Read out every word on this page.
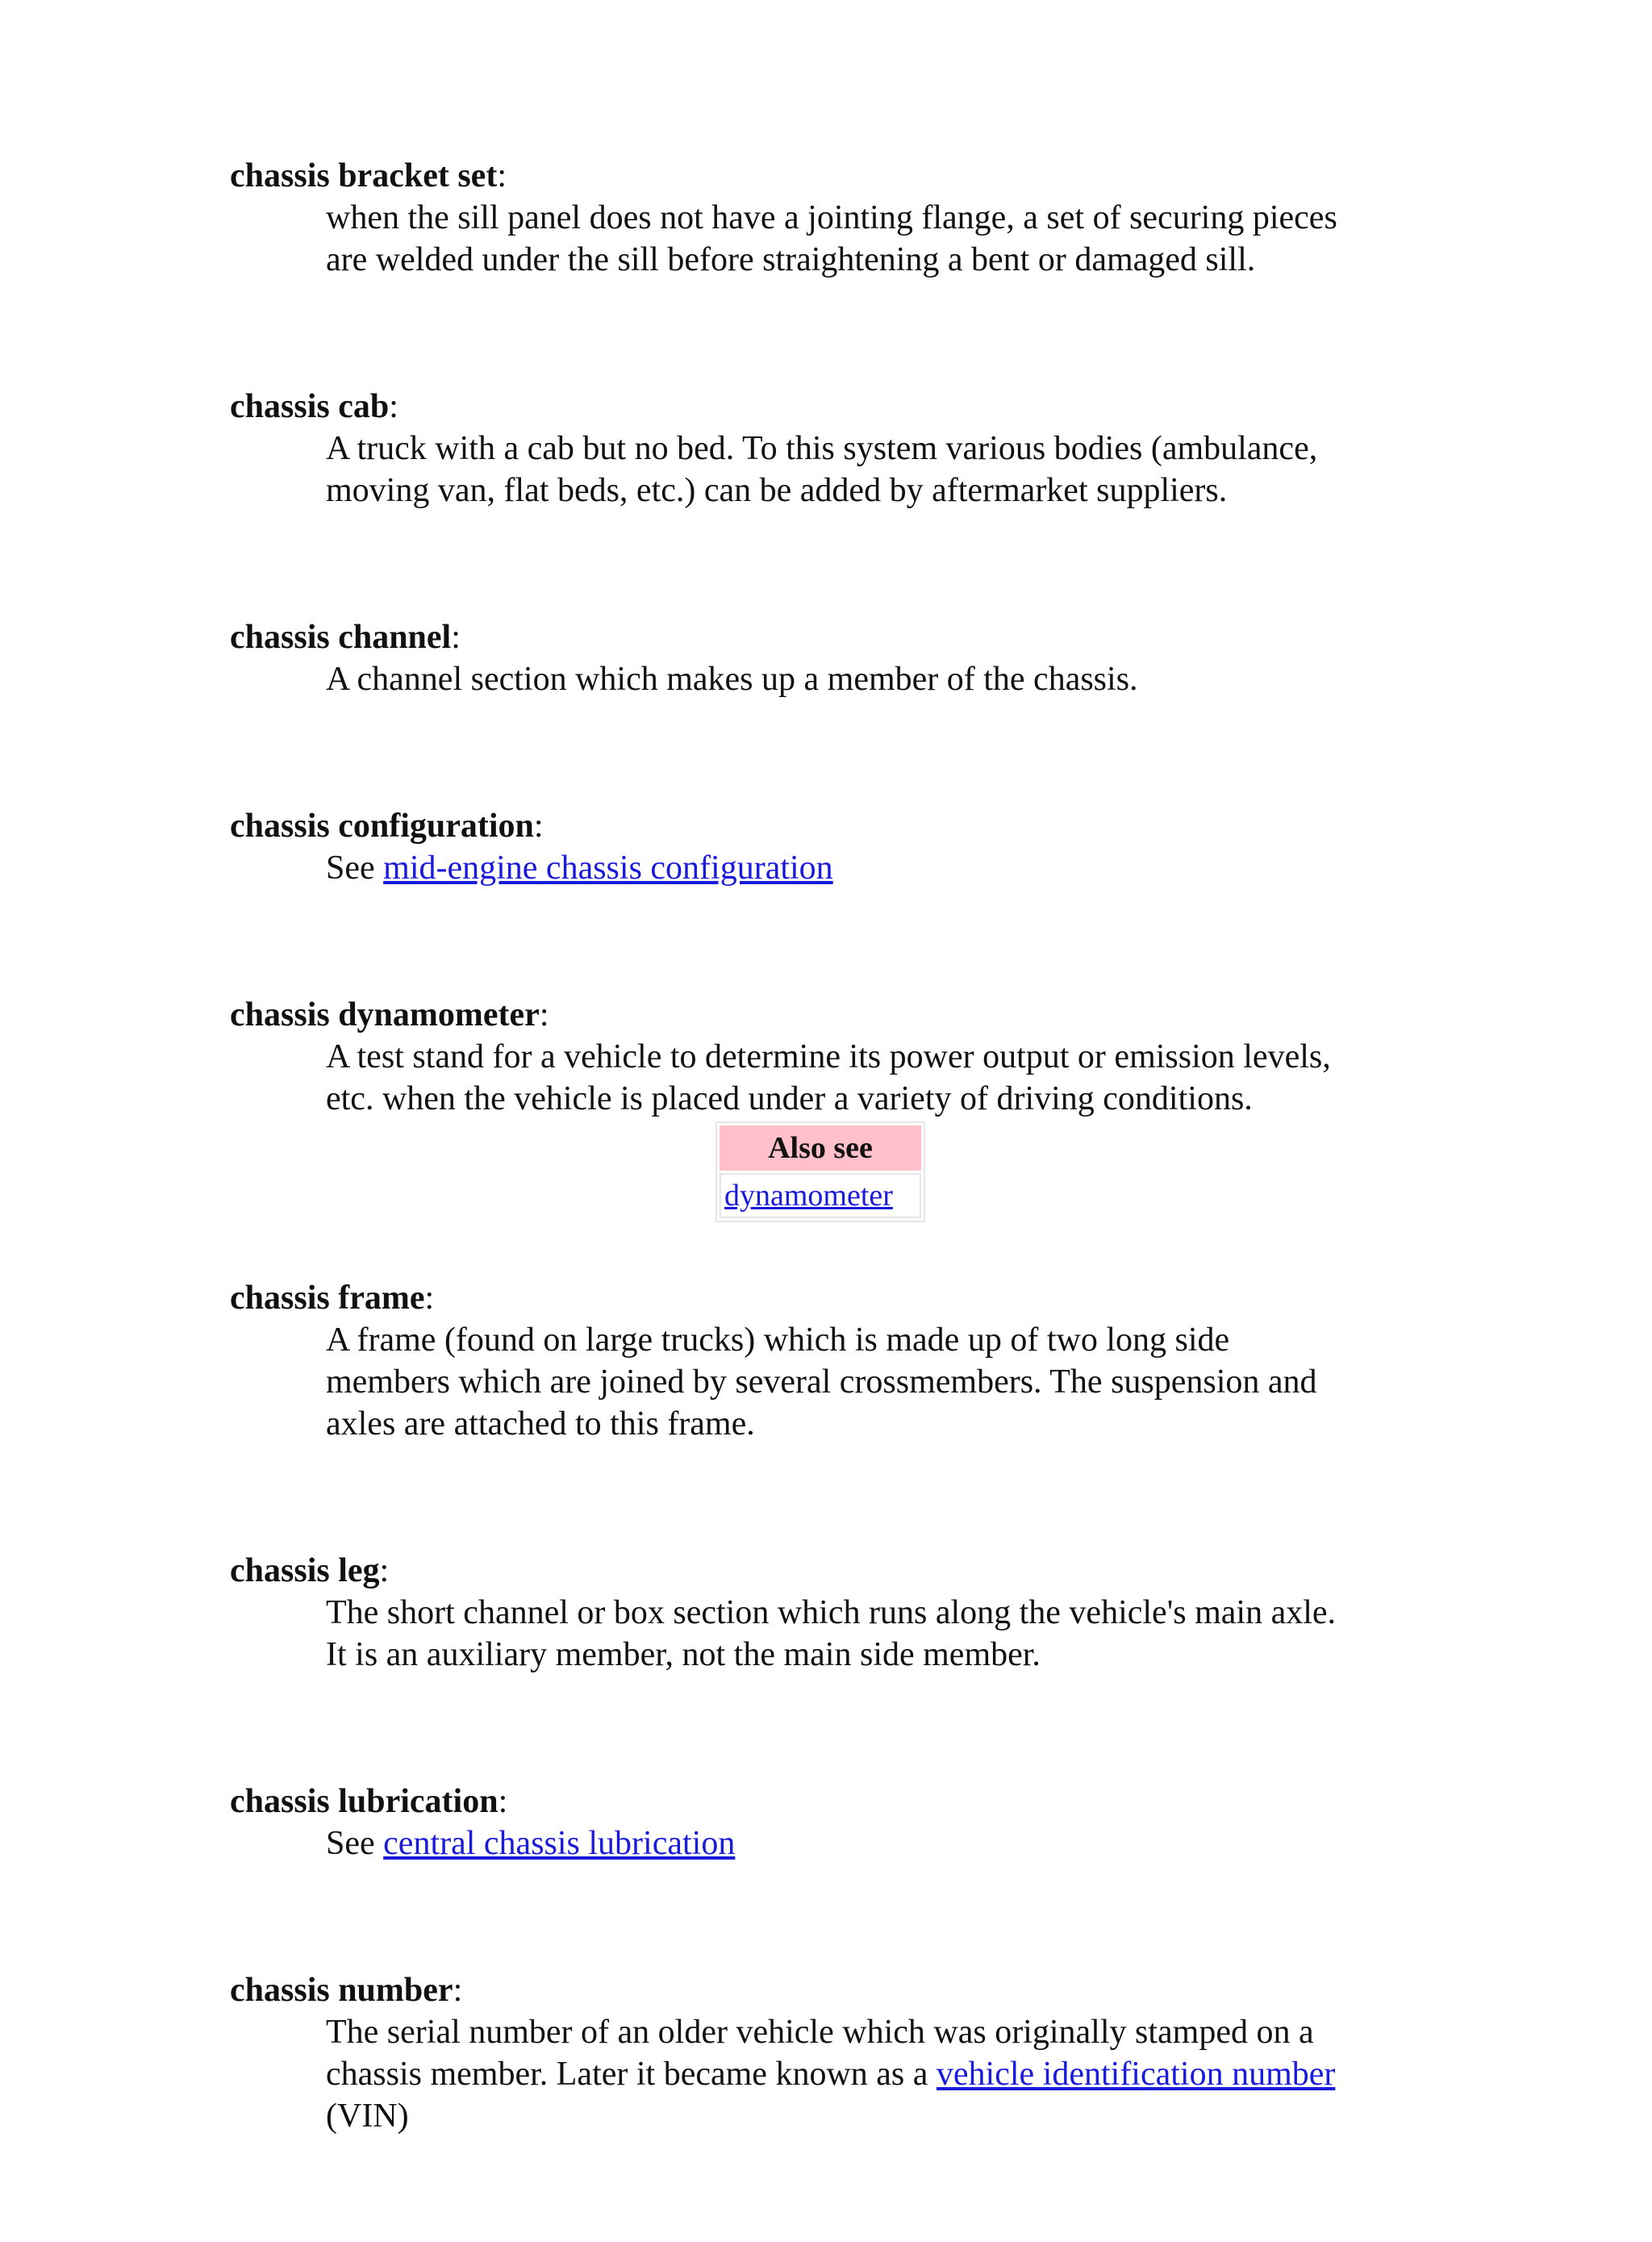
chassis bracket set:
when the sill panel does not have a jointing flange, a set of securing pieces
are welded under the sill before straightening a bent or damaged sill.
chassis cab:
A truck with a cab but no bed. To this system various bodies (ambulance,
moving van, flat beds, etc.) can be added by aftermarket suppliers.
chassis channel:
A channel section which makes up a member of the chassis.
chassis configuration:
See mid-engine chassis configuration
chassis dynamometer:
A test stand for a vehicle to determine its power output or emission levels,
etc. when the vehicle is placed under a variety of driving conditions.
Also see
dynamometer
chassis frame:
A frame (found on large trucks) which is made up of two long side
members which are joined by several crossmembers. The suspension and
axles are attached to this frame.
chassis leg:
The short channel or box section which runs along the vehicle's main axle.
It is an auxiliary member, not the main side member.
chassis lubrication:
See central chassis lubrication
chassis number:
The serial number of an older vehicle which was originally stamped on a
chassis member. Later it became known as a vehicle identification number
(VIN)
